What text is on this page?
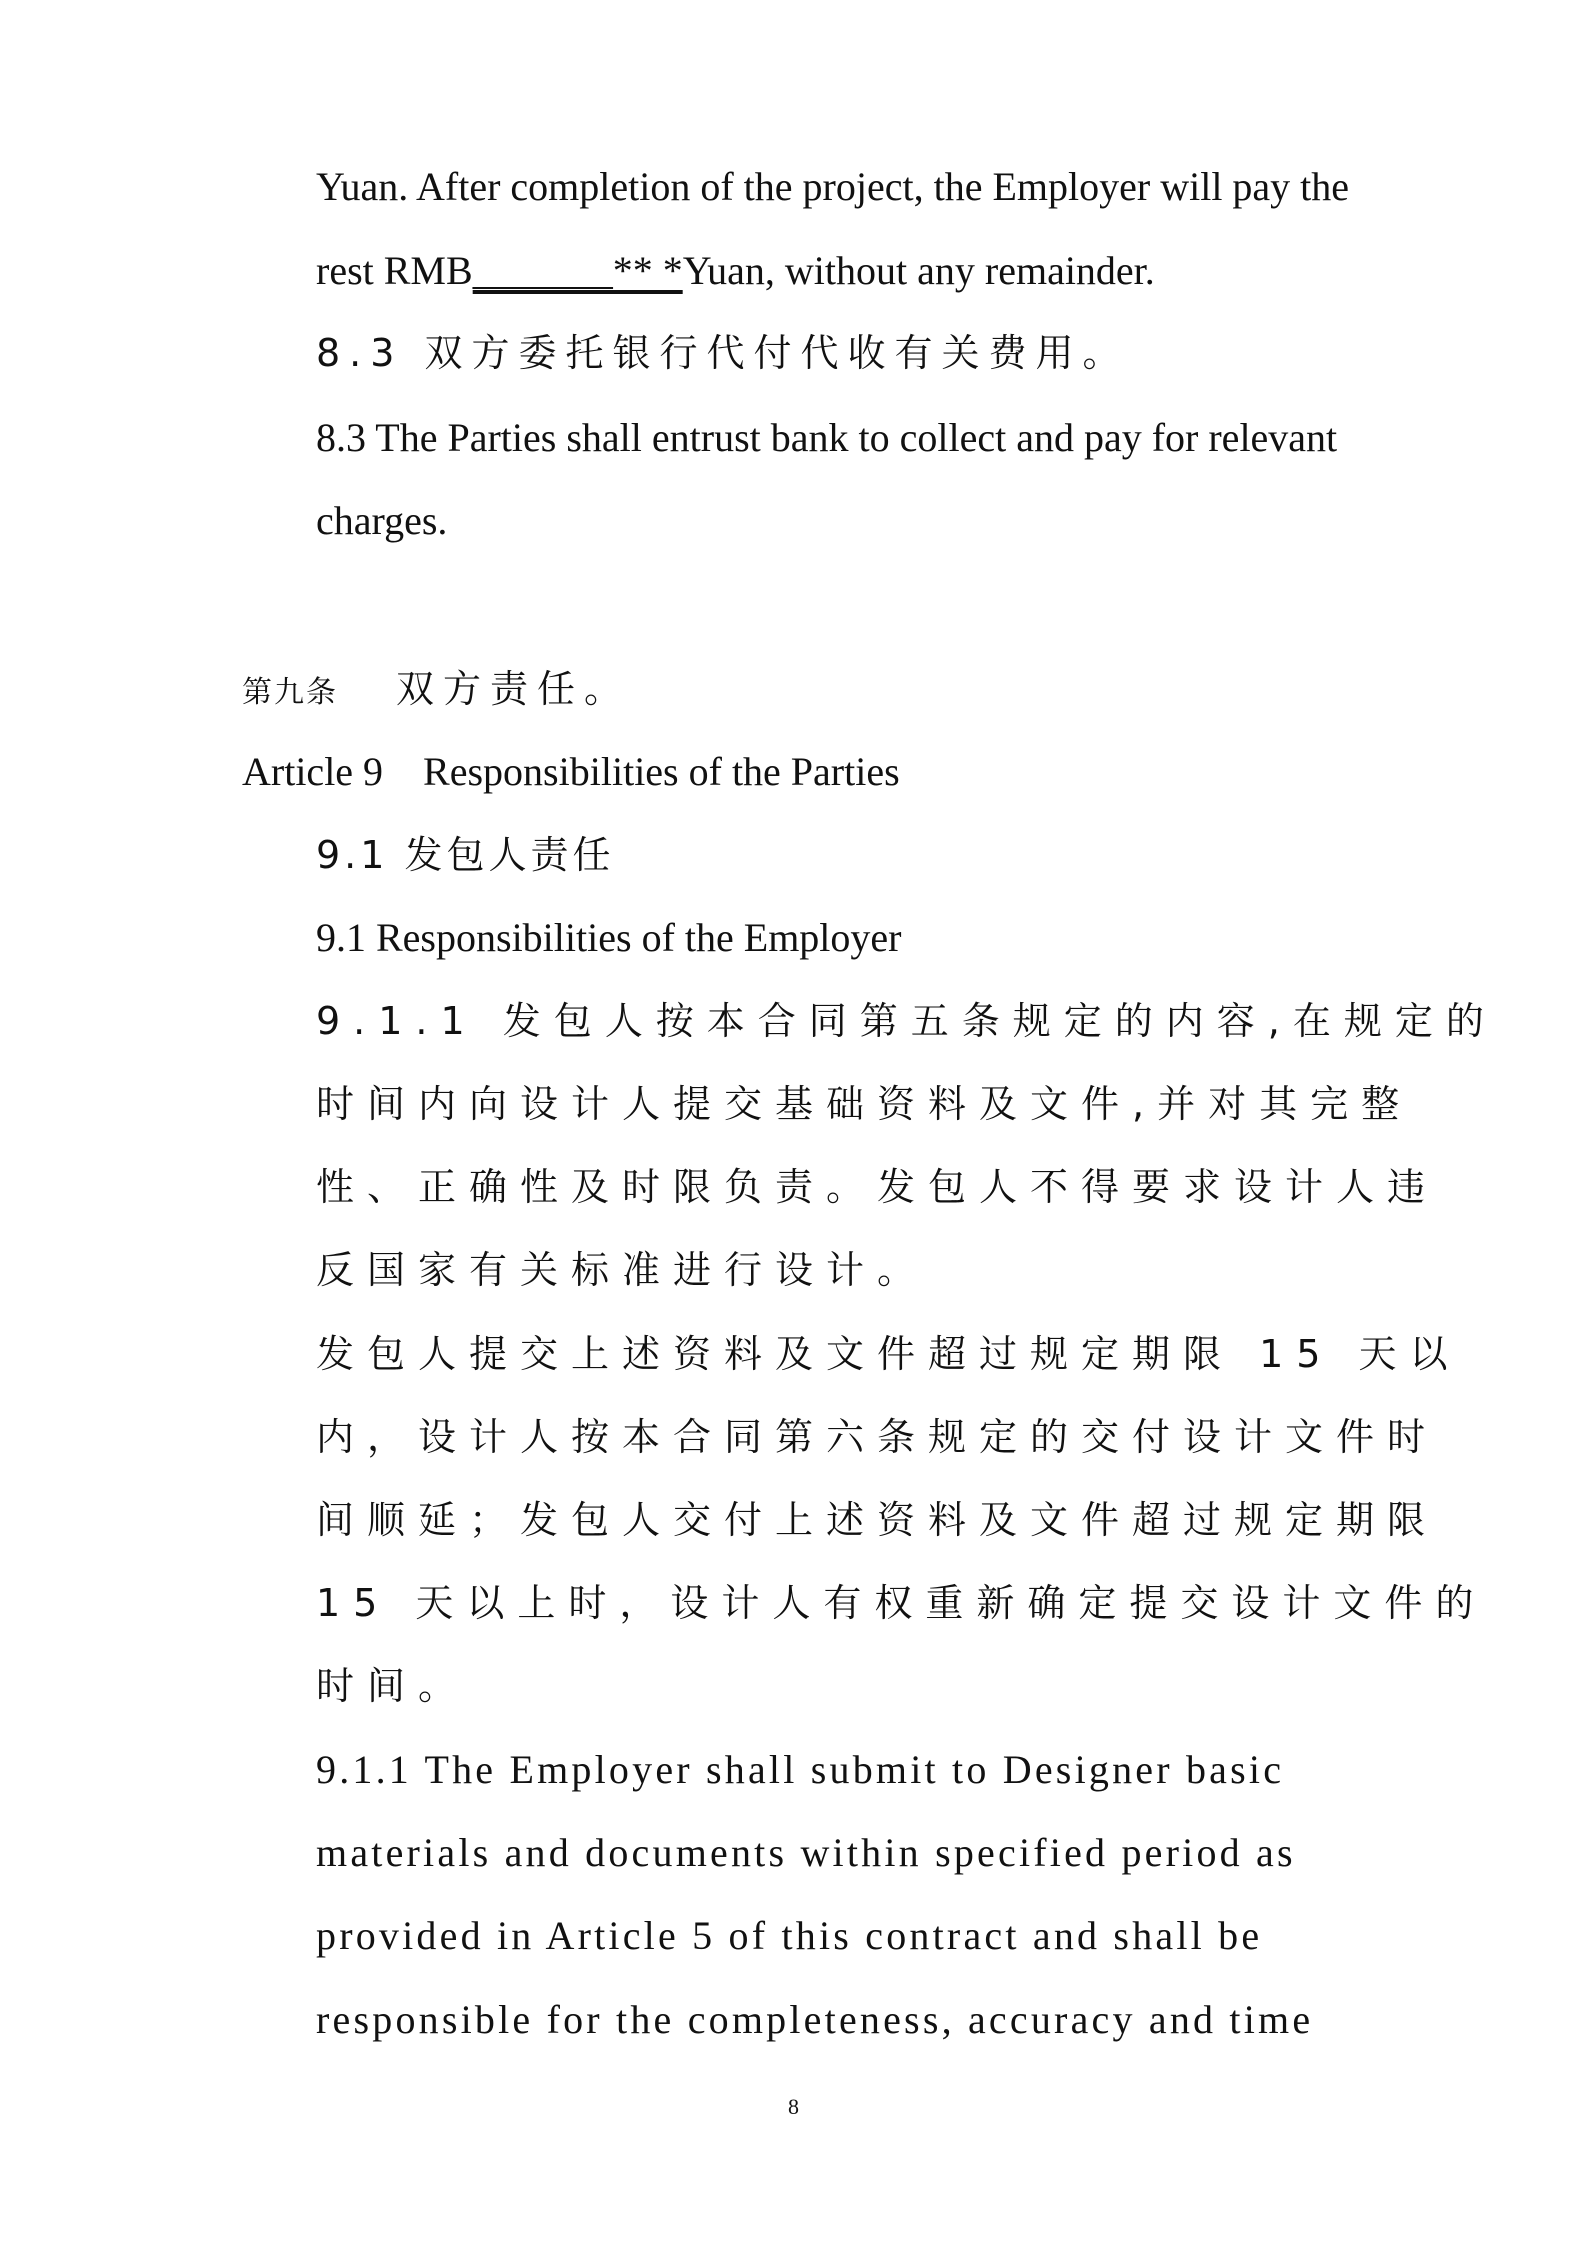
Yuan. After completion of the project, the Employer will pay the
rest RMB_______** *Yuan, without any remainder.
8.3 双方委托银行代付代收有关费用。
8.3 The Parties shall entrust bank to collect and pay for relevant
charges.
第九条 双方责任。
Article 9    Responsibilities of the Parties
9.1 发包人责任
9.1 Responsibilities of the Employer
9.1.1 发包人按本合同第五条规定的内容,在规定的
时间内向设计人提交基础资料及文件,并对其完整
性、正确性及时限负责。发包人不得要求设计人违
反国家有关标准进行设计。
发包人提交上述资料及文件超过规定期限 15 天以
内，设计人按本合同第六条规定的交付设计文件时
间顺延；发包人交付上述资料及文件超过规定期限
15 天以上时，设计人有权重新确定提交设计文件的
时间。
9.1.1 The Employer shall submit to Designer basic
materials and documents within specified period as
provided in Article 5 of this contract and shall be
responsible for the completeness, accuracy and time
8
